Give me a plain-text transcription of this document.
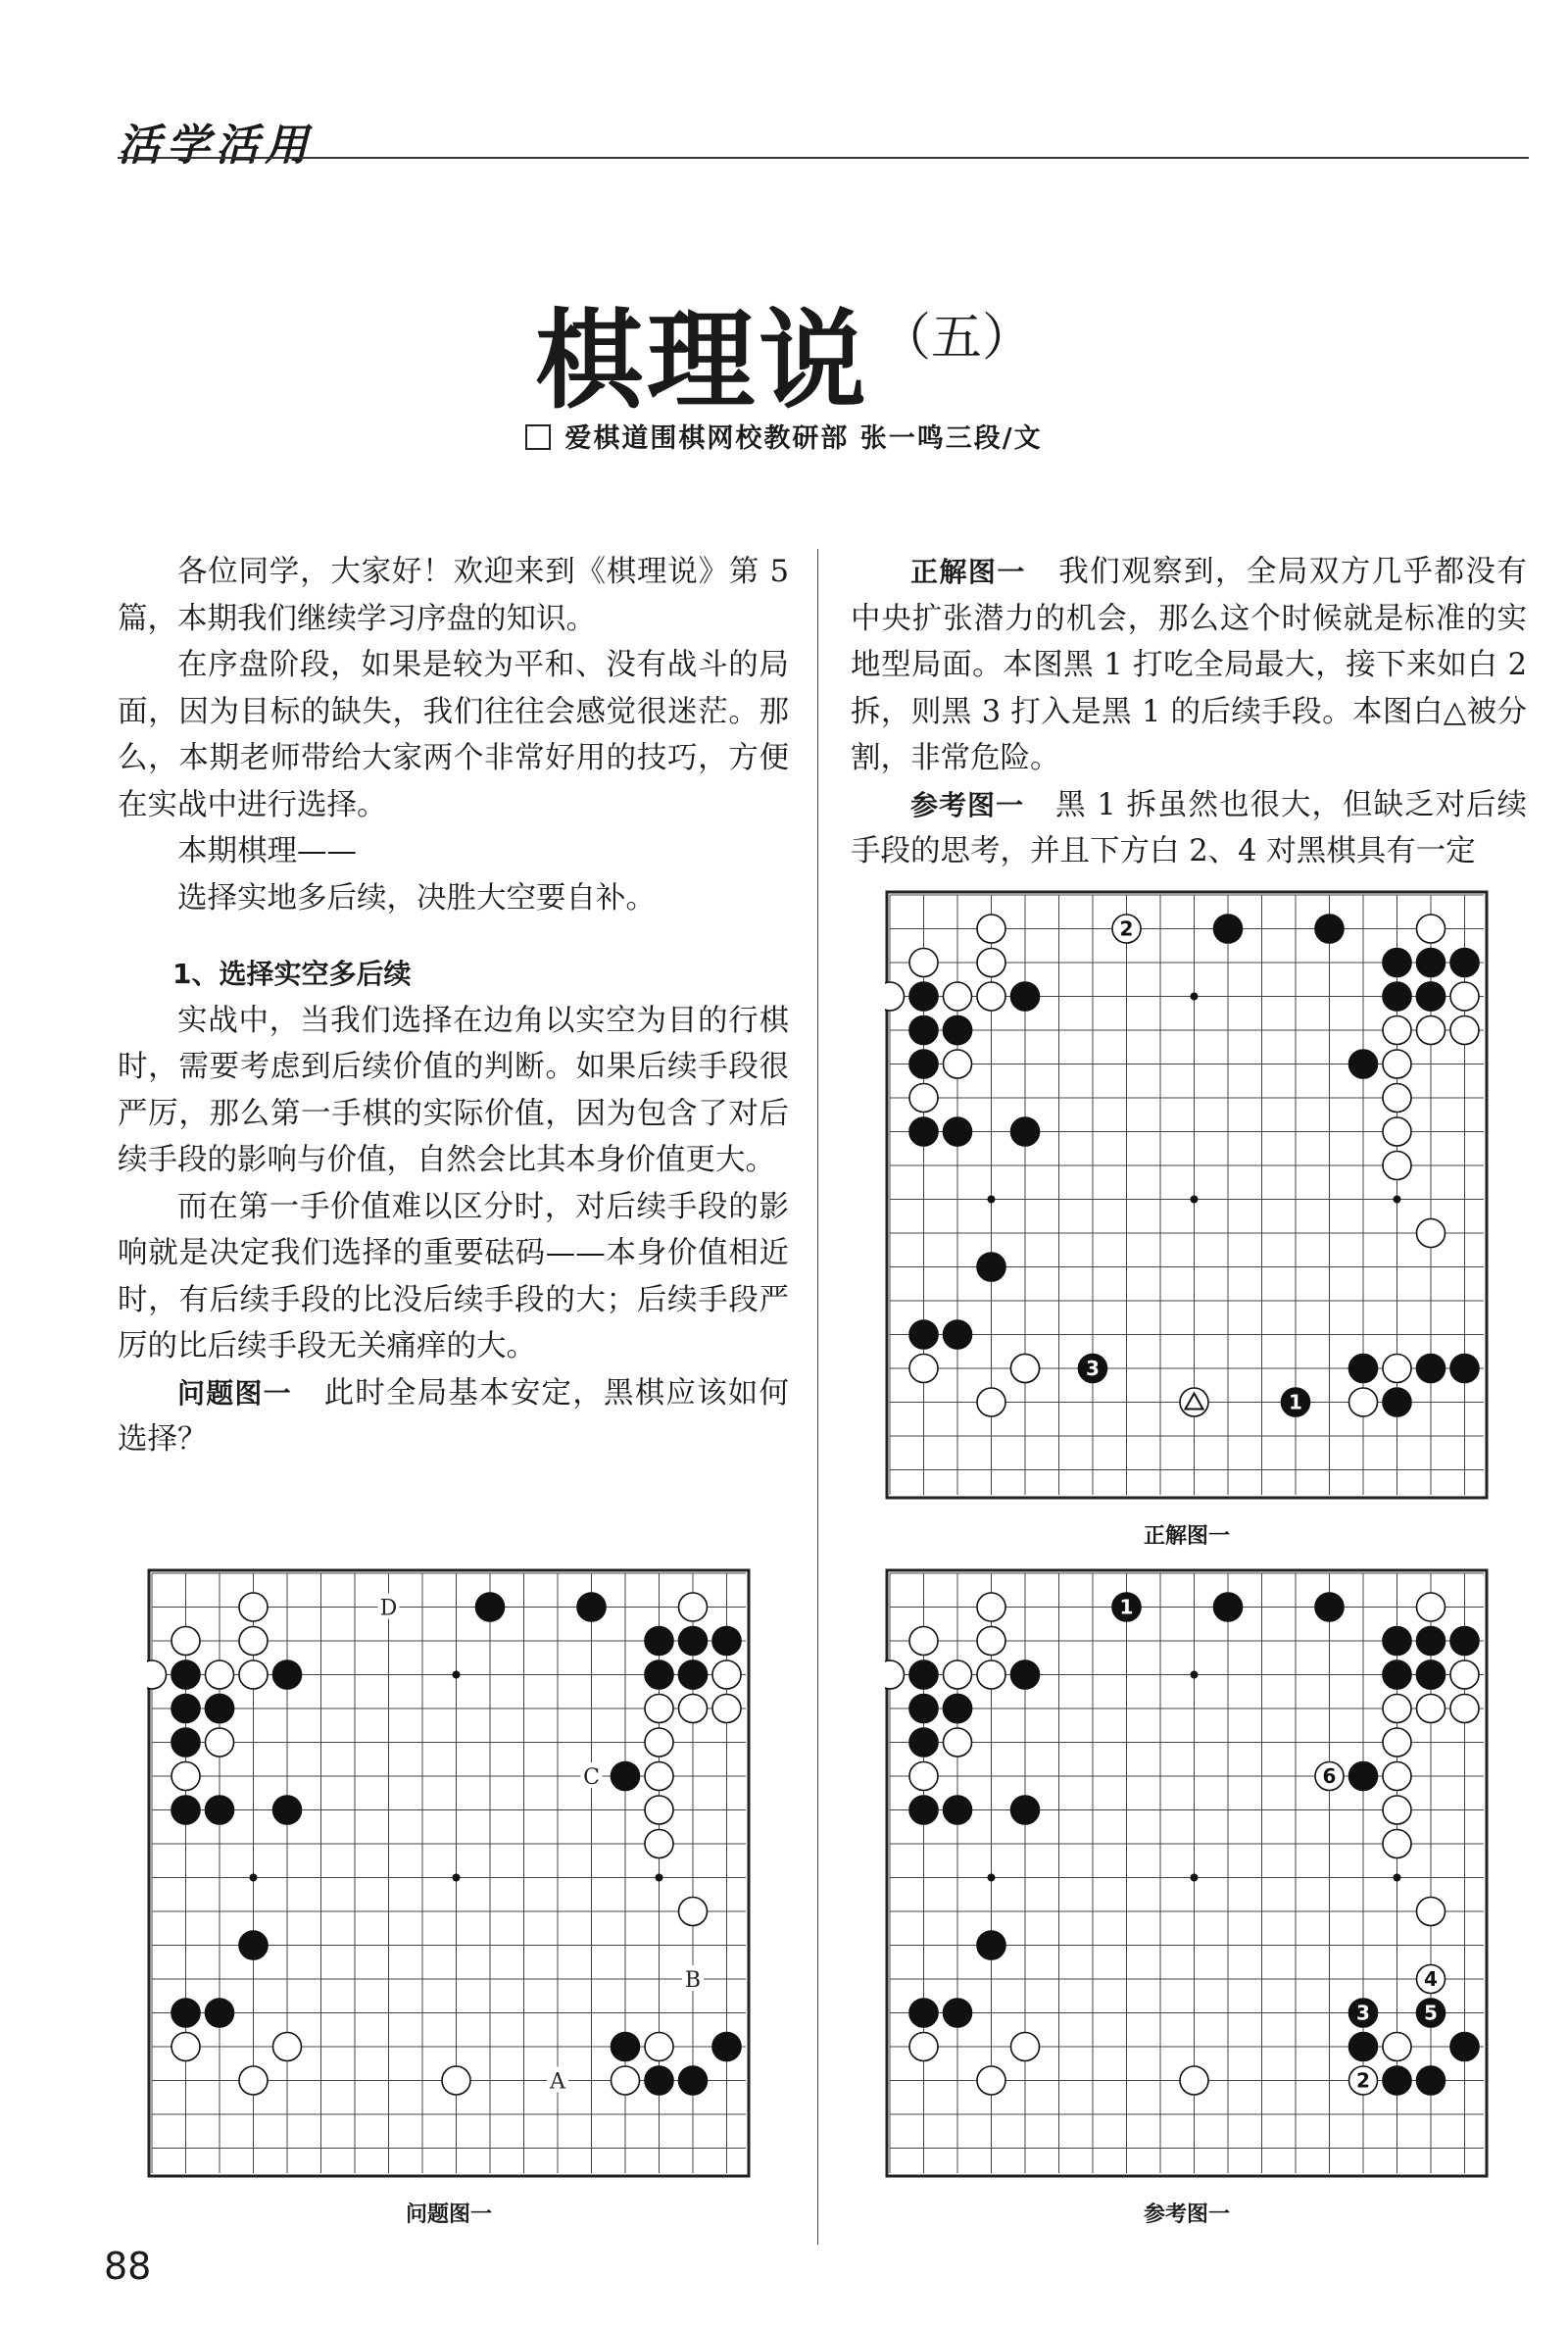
活学活用
棋理说 （五）
爱棋道围棋网校教研部 张一鸣三段/文

各位同学，大家好！欢迎来到《棋理说》第 5 篇，本期我们继续学习序盘的知识。

在序盘阶段，如果是较为平和、没有战斗的局面，因为目标的缺失，我们往往会感觉很迷茫。那么，本期老师带给大家两个非常好用的技巧，方便在实战中进行选择。

本期棋理——

选择实地多后续，决胜大空要自补。

1、选择实空多后续

实战中，当我们选择在边角以实空为目的行棋时，需要考虑到后续价值的判断。如果后续手段很严厉，那么第一手棋的实际价值，因为包含了对后续手段的影响与价值，自然会比其本身价值更大。

而在第一手价值难以区分时，对后续手段的影响就是决定我们选择的重要砝码——本身价值相近时，有后续手段的比没后续手段的大；后续手段严厉的比后续手段无关痛痒的大。

问题图一 此时全局基本安定，黑棋应该如何选择？

正解图一 我们观察到，全局双方几乎都没有中央扩张潜力的机会，那么这个时候就是标准的实地型局面。本图黑 1 打吃全局最大，接下来如白 2 拆，则黑 3 打入是黑 1 的后续手段。本图白△被分割，非常危险。

参考图一 黑 1 拆虽然也很大，但缺乏对后续手段的思考，并且下方白 2、4 对黑棋具有一定

D
C
B
A
问题图一
2
3
1
正解图一
1
2
3
4
5
6
参考图一
88
